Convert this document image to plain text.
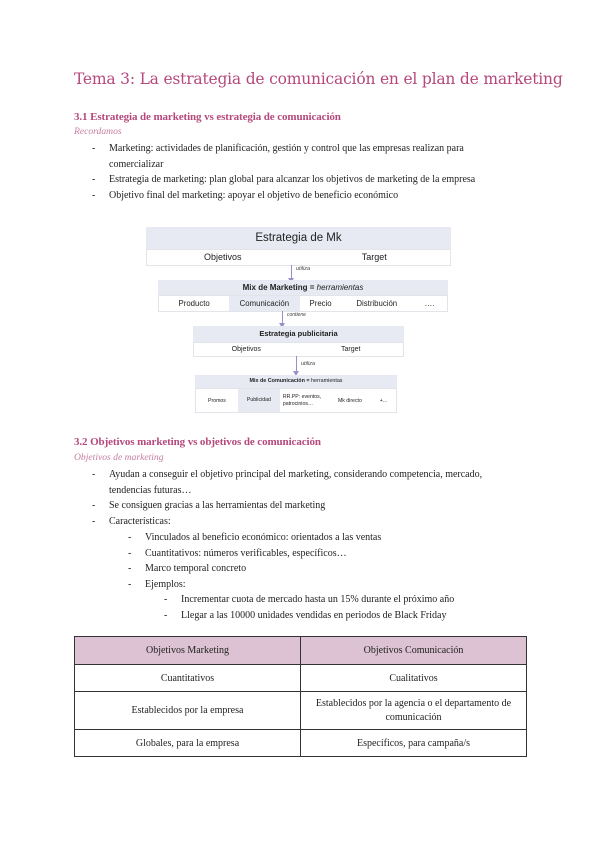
Tema 3: La estrategia de comunicación en el plan de marketing
3.1 Estrategia de marketing vs estrategia de comunicación
Recordamos
- Marketing: actividades de planificación, gestión y control que las empresas realizan para comercializar
- Estrategia de marketing: plan global para alcanzar los objetivos de marketing de la empresa
- Objetivo final del marketing: apoyar el objetivo de beneficio económico
Estrategia de Mk
Objetivos	Target
utiliza
Mix de Marketing = herramientas
Producto	Comunicación	Precio	Distribución	….
contiene
Estrategia publicitaria
Objetivos	Target
utiliza
Mix de Comunicación = herramientas
Promos	Publicidad
RR.PP: eventos, patrocinios…	Mk directo	+...
3.2 Objetivos marketing vs objetivos de comunicación
Objetivos de marketing
- Ayudan a conseguir el objetivo principal del marketing, considerando competencia, mercado, tendencias futuras…
- Se consiguen gracias a las herramientas del marketing
- Características:
- Vinculados al beneficio económico: orientados a las ventas
- Cuantitativos: números verificables, específicos…
- Marco temporal concreto
- Ejemplos:
- Incrementar cuota de mercado hasta un 15% durante el próximo año
- Llegar a las 10000 unidades vendidas en periodos de Black Friday
Objetivos Marketing	Objetivos Comunicación
Cuantitativos	Cualitativos
Establecidos por la empresa	Establecidos por la agencia o el departamento de comunicación
Globales, para la empresa	Específicos, para campaña/s
